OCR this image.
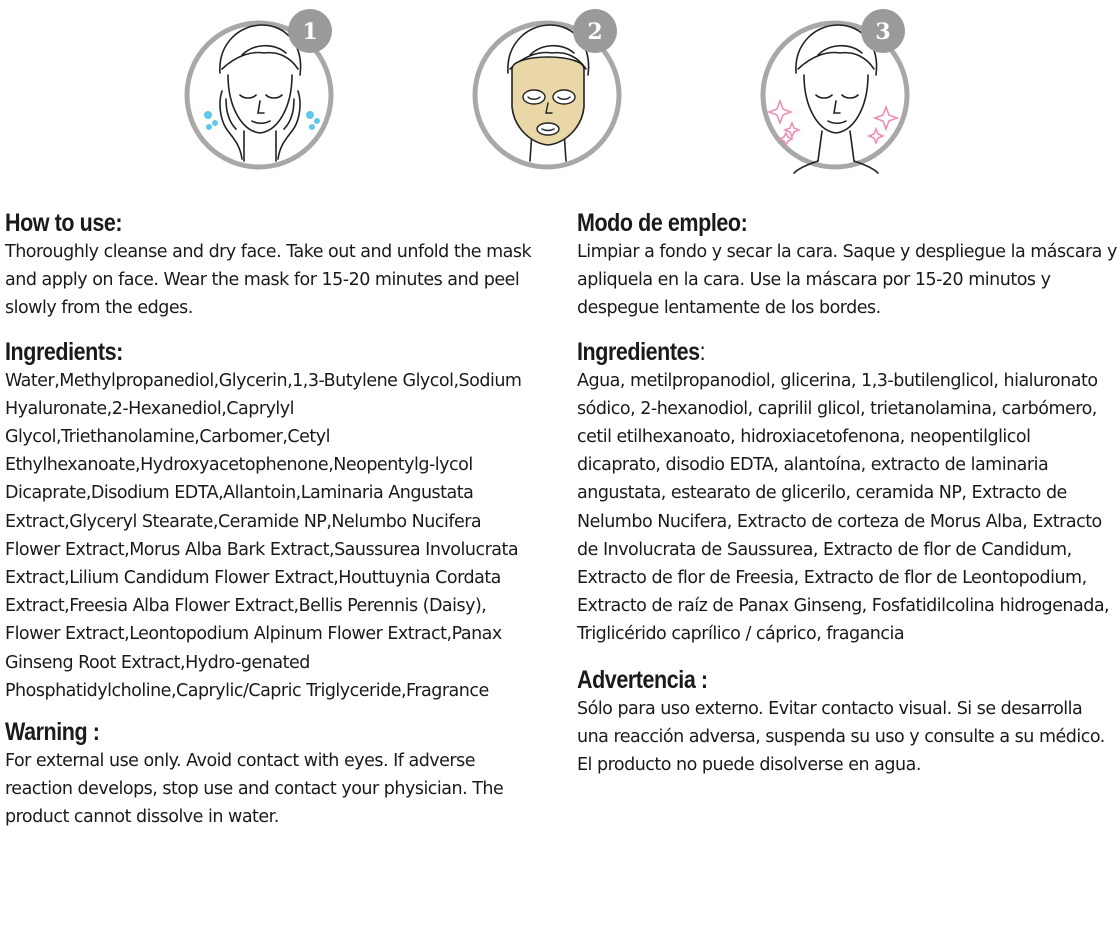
1	2	3
How to use:

Thoroughly cleanse and dry face. Take out and unfold the mask and apply on face. Wear the mask for 15-20 minutes and peel slowly from the edges.

Ingredients:

Water,Methylpropanediol,Glycerin,1,3-Butylene Glycol,Sodium Hyaluronate,2-Hexanediol,Caprylyl Glycol,Triethanolamine,Carbomer,Cetyl Ethylhexanoate,Hydroxyacetophenone,Neopentylg-lycol Dicaprate,Disodium EDTA,Allantoin,Laminaria Angustata Extract,Glyceryl Stearate,Ceramide NP,Nelumbo Nucifera Flower Extract,Morus Alba Bark Extract,Saussurea Involucrata Extract,Lilium Candidum Flower Extract,Houttuynia Cordata Extract,Freesia Alba Flower Extract,Bellis Perennis (Daisy), Flower Extract,Leontopodium Alpinum Flower Extract,Panax Ginseng Root Extract,Hydro-genated Phosphatidylcholine,Caprylic/Capric Triglyceride,Fragrance

Warning :

For external use only. Avoid contact with eyes. If adverse reaction develops, stop use and contact your physician. The product cannot dissolve in water.

Modo de empleo:

Limpiar a fondo y secar la cara. Saque y despliegue la máscara y apliquela en la cara. Use la máscara por 15-20 minutos y despegue lentamente de los bordes.

Ingredientes:

Agua, metilpropanodiol, glicerina, 1,3-butilenglicol, hialuronato sódico, 2-hexanodiol, caprilil glicol, trietanolamina, carbómero, cetil etilhexanoato, hidroxiacetofenona, neopentilglicol dicaprato, disodio EDTA, alantoína, extracto de laminaria angustata, estearato de glicerilo, ceramida NP, Extracto de Nelumbo Nucifera, Extracto de corteza de Morus Alba, Extracto de Involucrata de Saussurea, Extracto de flor de Candidum, Extracto de flor de Freesia, Extracto de flor de Leontopodium, Extracto de raíz de Panax Ginseng, Fosfatidilcolina hidrogenada, Triglicérido caprílico / cáprico, fragancia

Advertencia :

Sólo para uso externo. Evitar contacto visual. Si se desarrolla una reacción adversa, suspenda su uso y consulte a su médico. El producto no puede disolverse en agua.
